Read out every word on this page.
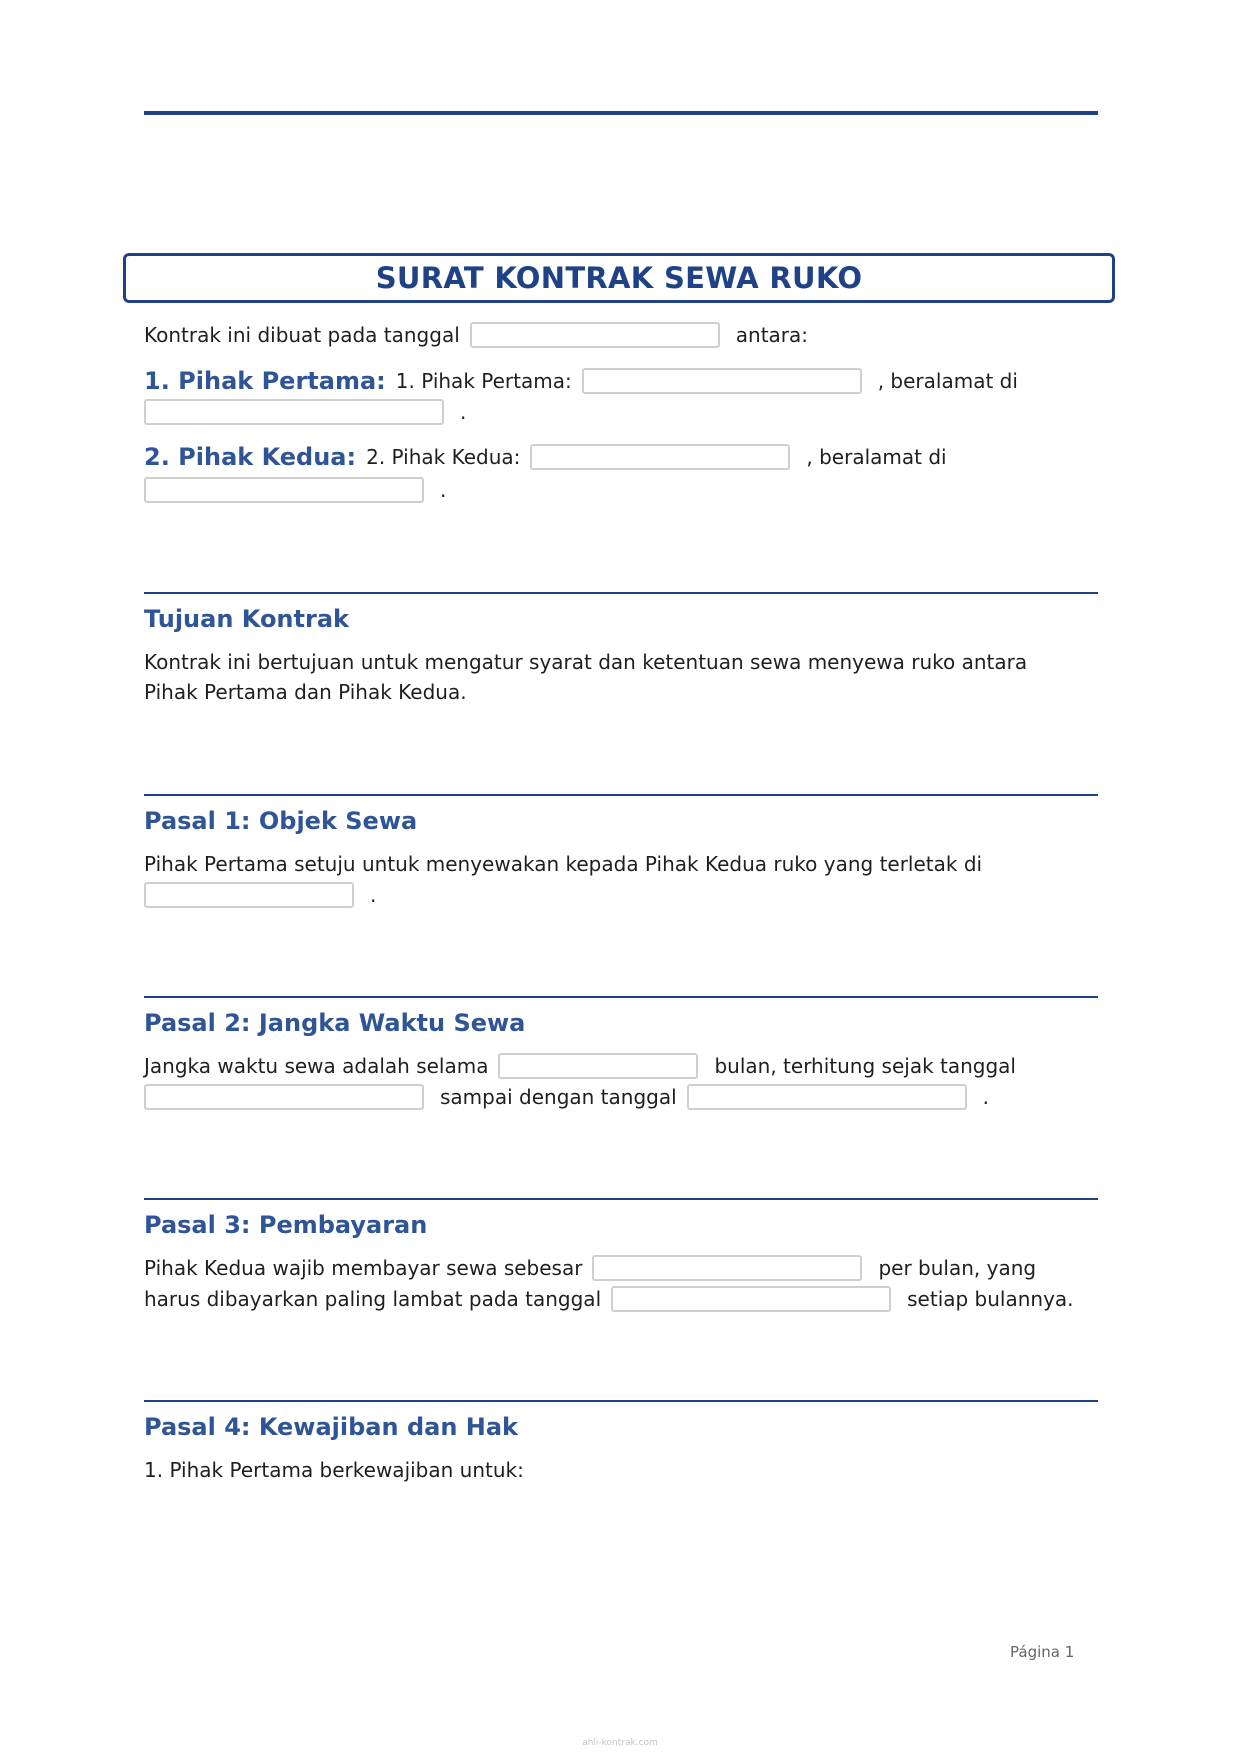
SURAT KONTRAK SEWA RUKO
Kontrak ini dibuat pada tanggal	antara:
1. Pihak Pertama: 1. Pihak Pertama:	, beralamat di
.
2. Pihak Kedua: 2. Pihak Kedua:	, beralamat di
.
Tujuan Kontrak

Kontrak ini bertujuan untuk mengatur syarat dan ketentuan sewa menyewa ruko antara Pihak Pertama dan Pihak Kedua.

Pasal 1: Objek Sewa

Pihak Pertama setuju untuk menyewakan kepada Pihak Kedua ruko yang terletak di

.
Pasal 2: Jangka Waktu Sewa
Jangka waktu sewa adalah selama	bulan, terhitung sejak tanggal
sampai dengan tanggal	.
Pasal 3: Pembayaran
Pihak Kedua wajib membayar sewa sebesar	per bulan, yang
harus dibayarkan paling lambat pada tanggal	setiap bulannya.
Pasal 4: Kewajiban dan Hak

1. Pihak Pertama berkewajiban untuk:

Página 1
ahli-kontrak.com
